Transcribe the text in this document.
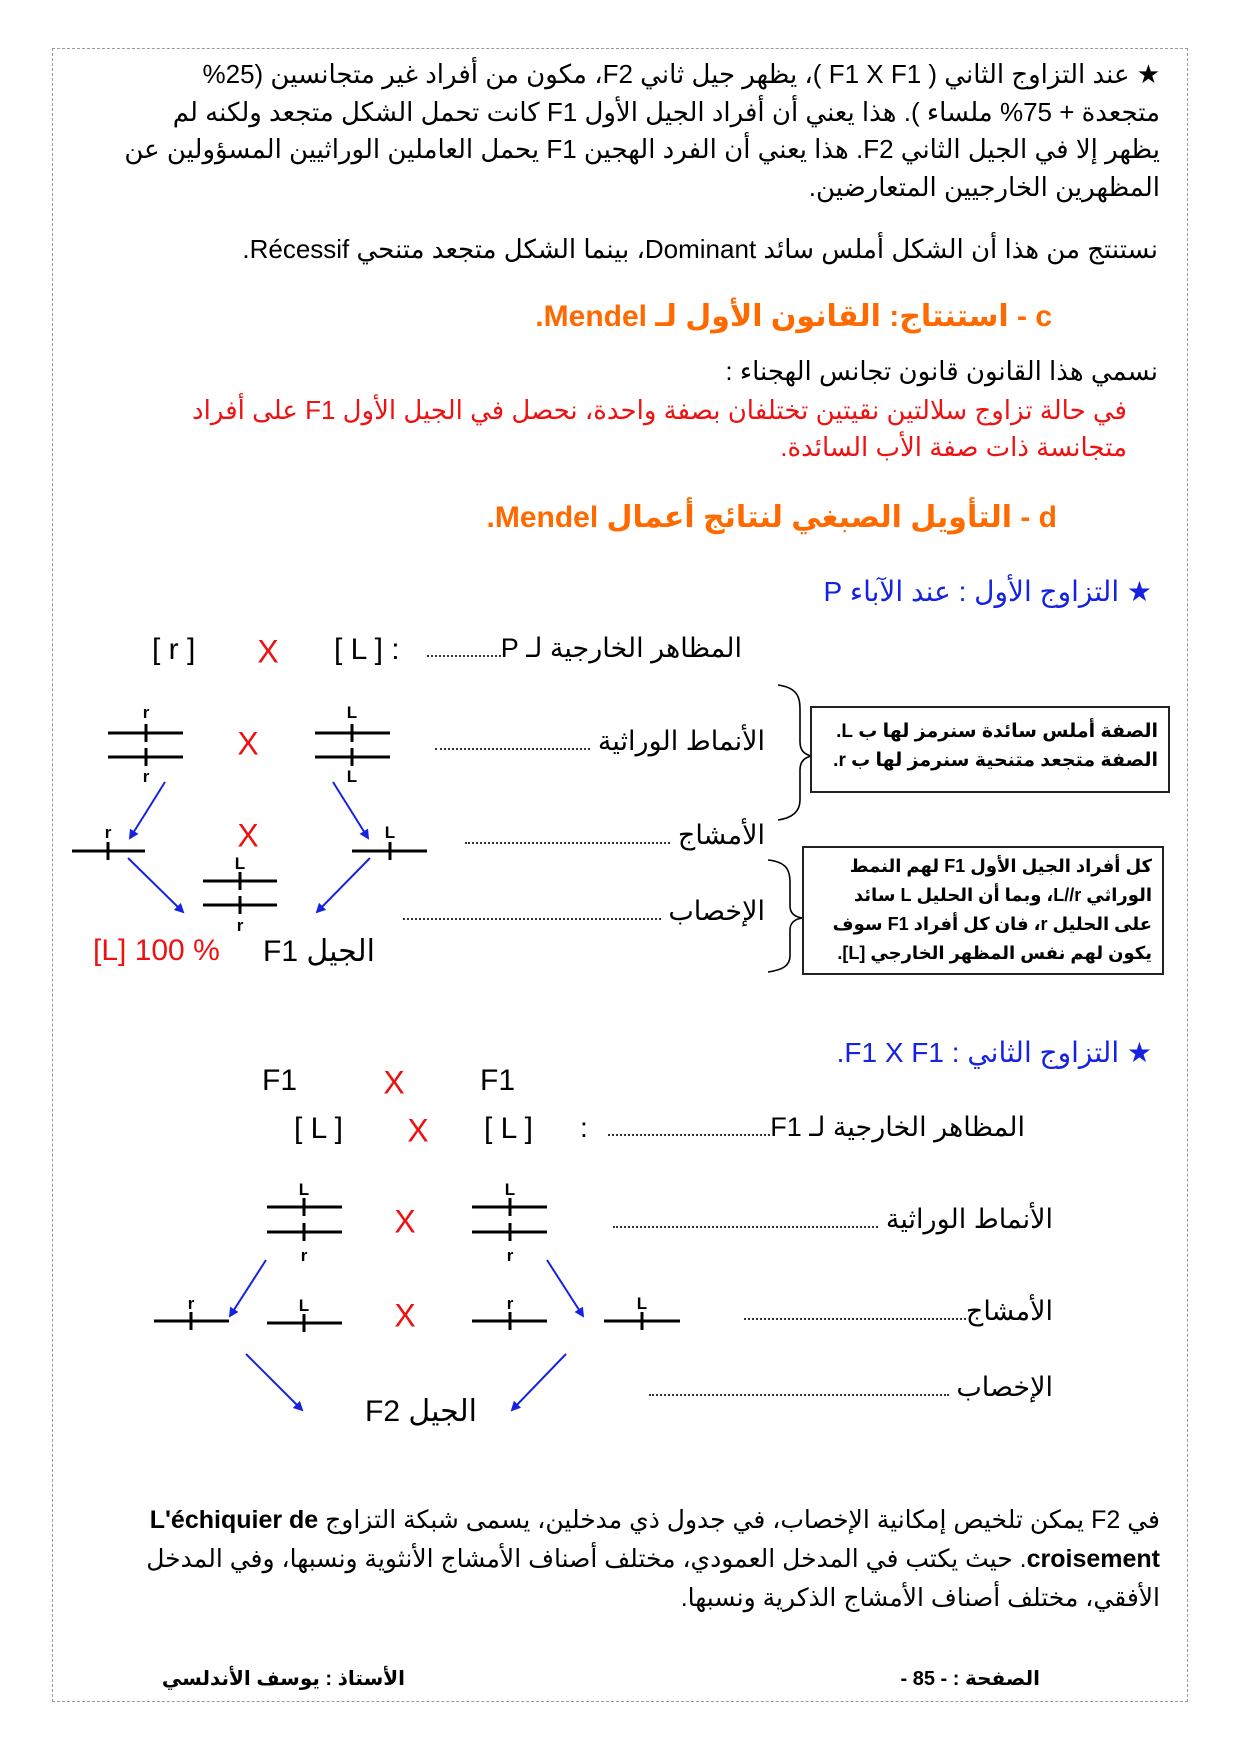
★ عند التزاوج الثاني ( F1 X F1 )، يظهر جيل ثاني F2، مكون من أفراد غير متجانسين (25%
متجعدة + 75% ملساء ). هذا يعني أن أفراد الجيل الأول F1 كانت تحمل الشكل متجعد ولكنه لم
يظهر إلا في الجيل الثاني F2. هذا يعني أن الفرد الهجين F1 يحمل العاملين الوراثيين المسؤولين عن
المظهرين الخارجيين المتعارضين.
نستنتج من هذا أن الشكل أملس سائد Dominant، بينما الشكل متجعد متنحي Récessif.
c - استنتاج: القانون الأول لـ Mendel.
نسمي هذا القانون قانون تجانس الهجناء :
في حالة تزاوج سلالتين نقيتين تختلفان بصفة واحدة، نحصل في الجيل الأول F1 على أفراد
متجانسة ذات صفة الأب السائدة.
d - التأويل الصبغي لنتائج أعمال Mendel.
★ التزاوج الأول : عند الآباء P
[ r ] X [ L ] :	المظاهر الخارجية لـ P
r
r
L
L
X	الأنماط الوراثية
r	L
X	الأمشاج
L
r	الإخصاب
[L] 100 % الجيل F1
الصفة أملس سائدة سنرمز لها ب L.
الصفة متجعد متنحية سنرمز لها ب r.
كل أفراد الجيل الأول F1 لهم النمط
الوراثي L//r، وبما أن الحليل L سائد
على الحليل r، فان كل أفراد F1 سوف
يكون لهم نفس المظهر الخارجي [L].
★ التزاوج الثاني : F1 X F1.
F1	X	F1
[ L ] X [ L ] :	المظاهر الخارجية لـ F1
L
r
L
r
X	الأنماط الوراثية
r	L	X	r	L	الأمشاج
الجيل F2
الإخصاب
في F2 يمكن تلخيص إمكانية الإخصاب، في جدول ذي مدخلين، يسمى شبكة التزاوج L'échiquier de
croisement. حيث يكتب في المدخل العمودي، مختلف أصناف الأمشاج الأنثوية ونسبها، وفي المدخل
الأفقي، مختلف أصناف الأمشاج الذكرية ونسبها.
الصفحة : - 85 -
الأستاذ : يوسف الأندلسي
